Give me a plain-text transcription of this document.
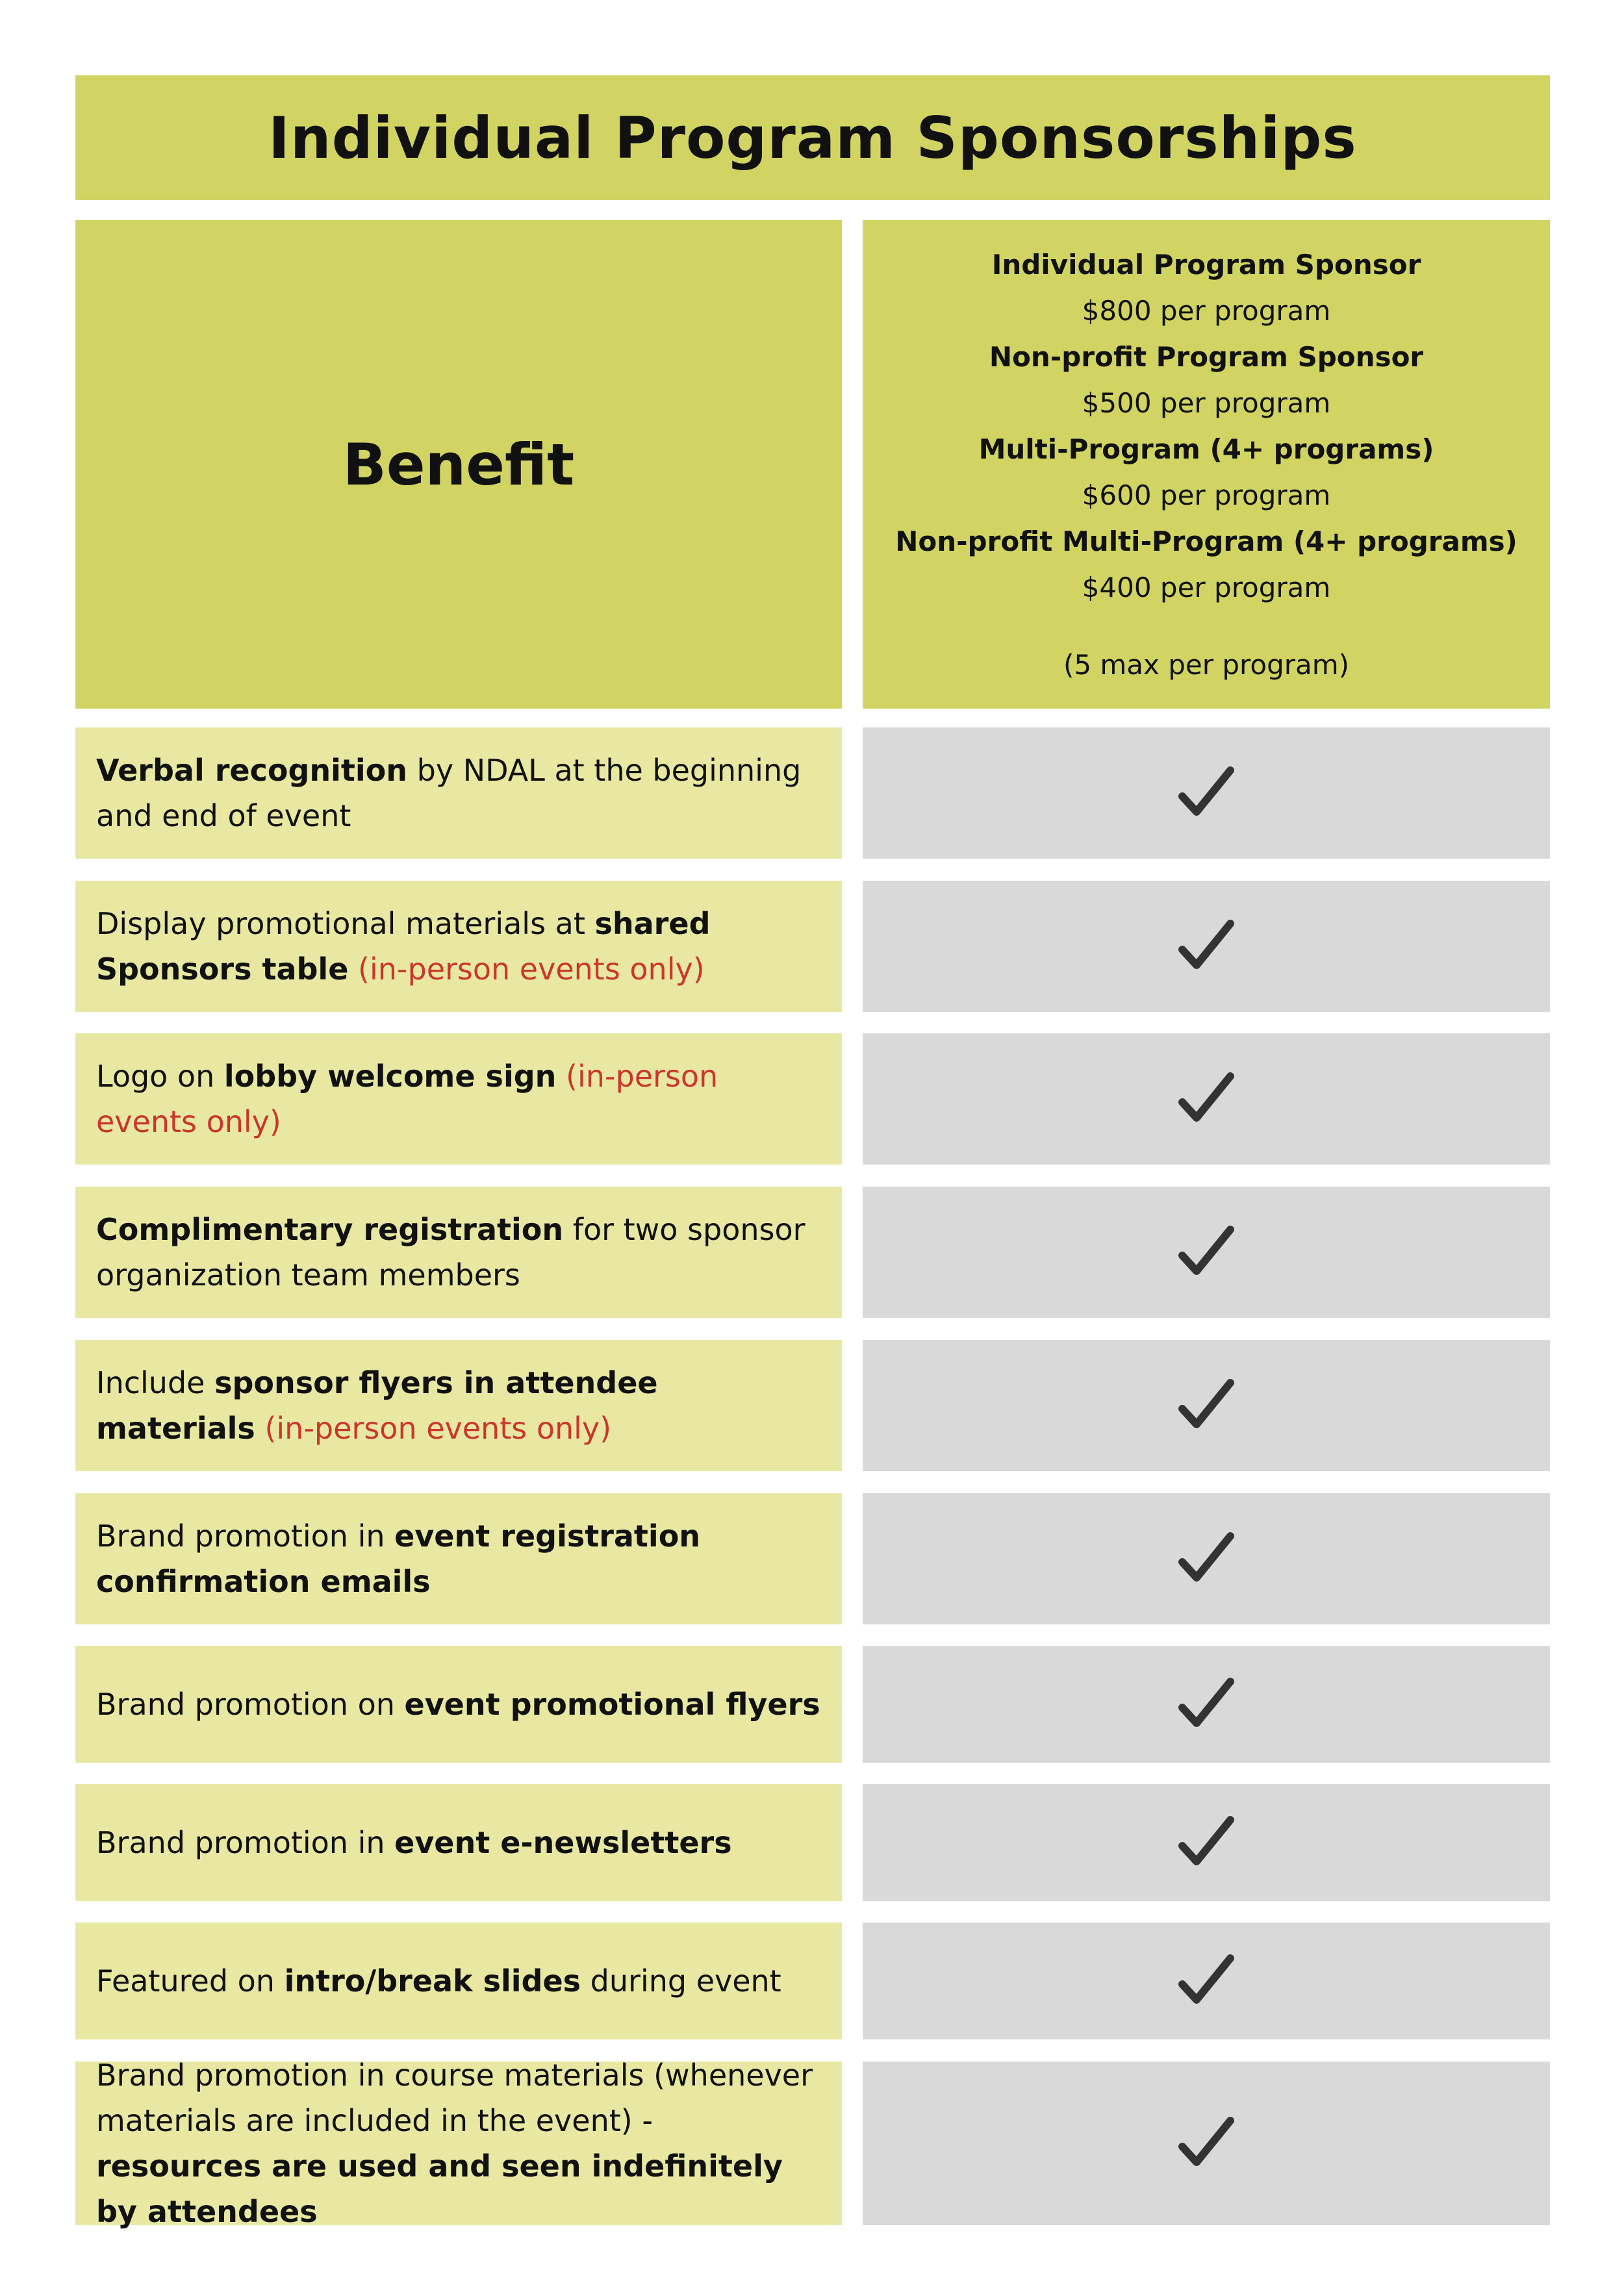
Individual Program Sponsorships
Benefit
Individual Program Sponsor
$800 per program
Non-profit Program Sponsor
$500 per program
Multi-Program (4+ programs)
$600 per program
Non-profit Multi-Program (4+ programs)
$400 per program
(5 max per program)
Verbal recognition by NDAL at the beginning and end of event
Display promotional materials at shared Sponsors table (in-person events only)
Logo on lobby welcome sign (in-person events only)
Complimentary registration for two sponsor organization team members
Include sponsor flyers in attendee materials (in-person events only)
Brand promotion in event registration confirmation emails
Brand promotion on event promotional flyers
Brand promotion in event e-newsletters
Featured on intro/break slides during event
Brand promotion in course materials (whenever materials are included in the event) - resources are used and seen indefinitely by attendees
